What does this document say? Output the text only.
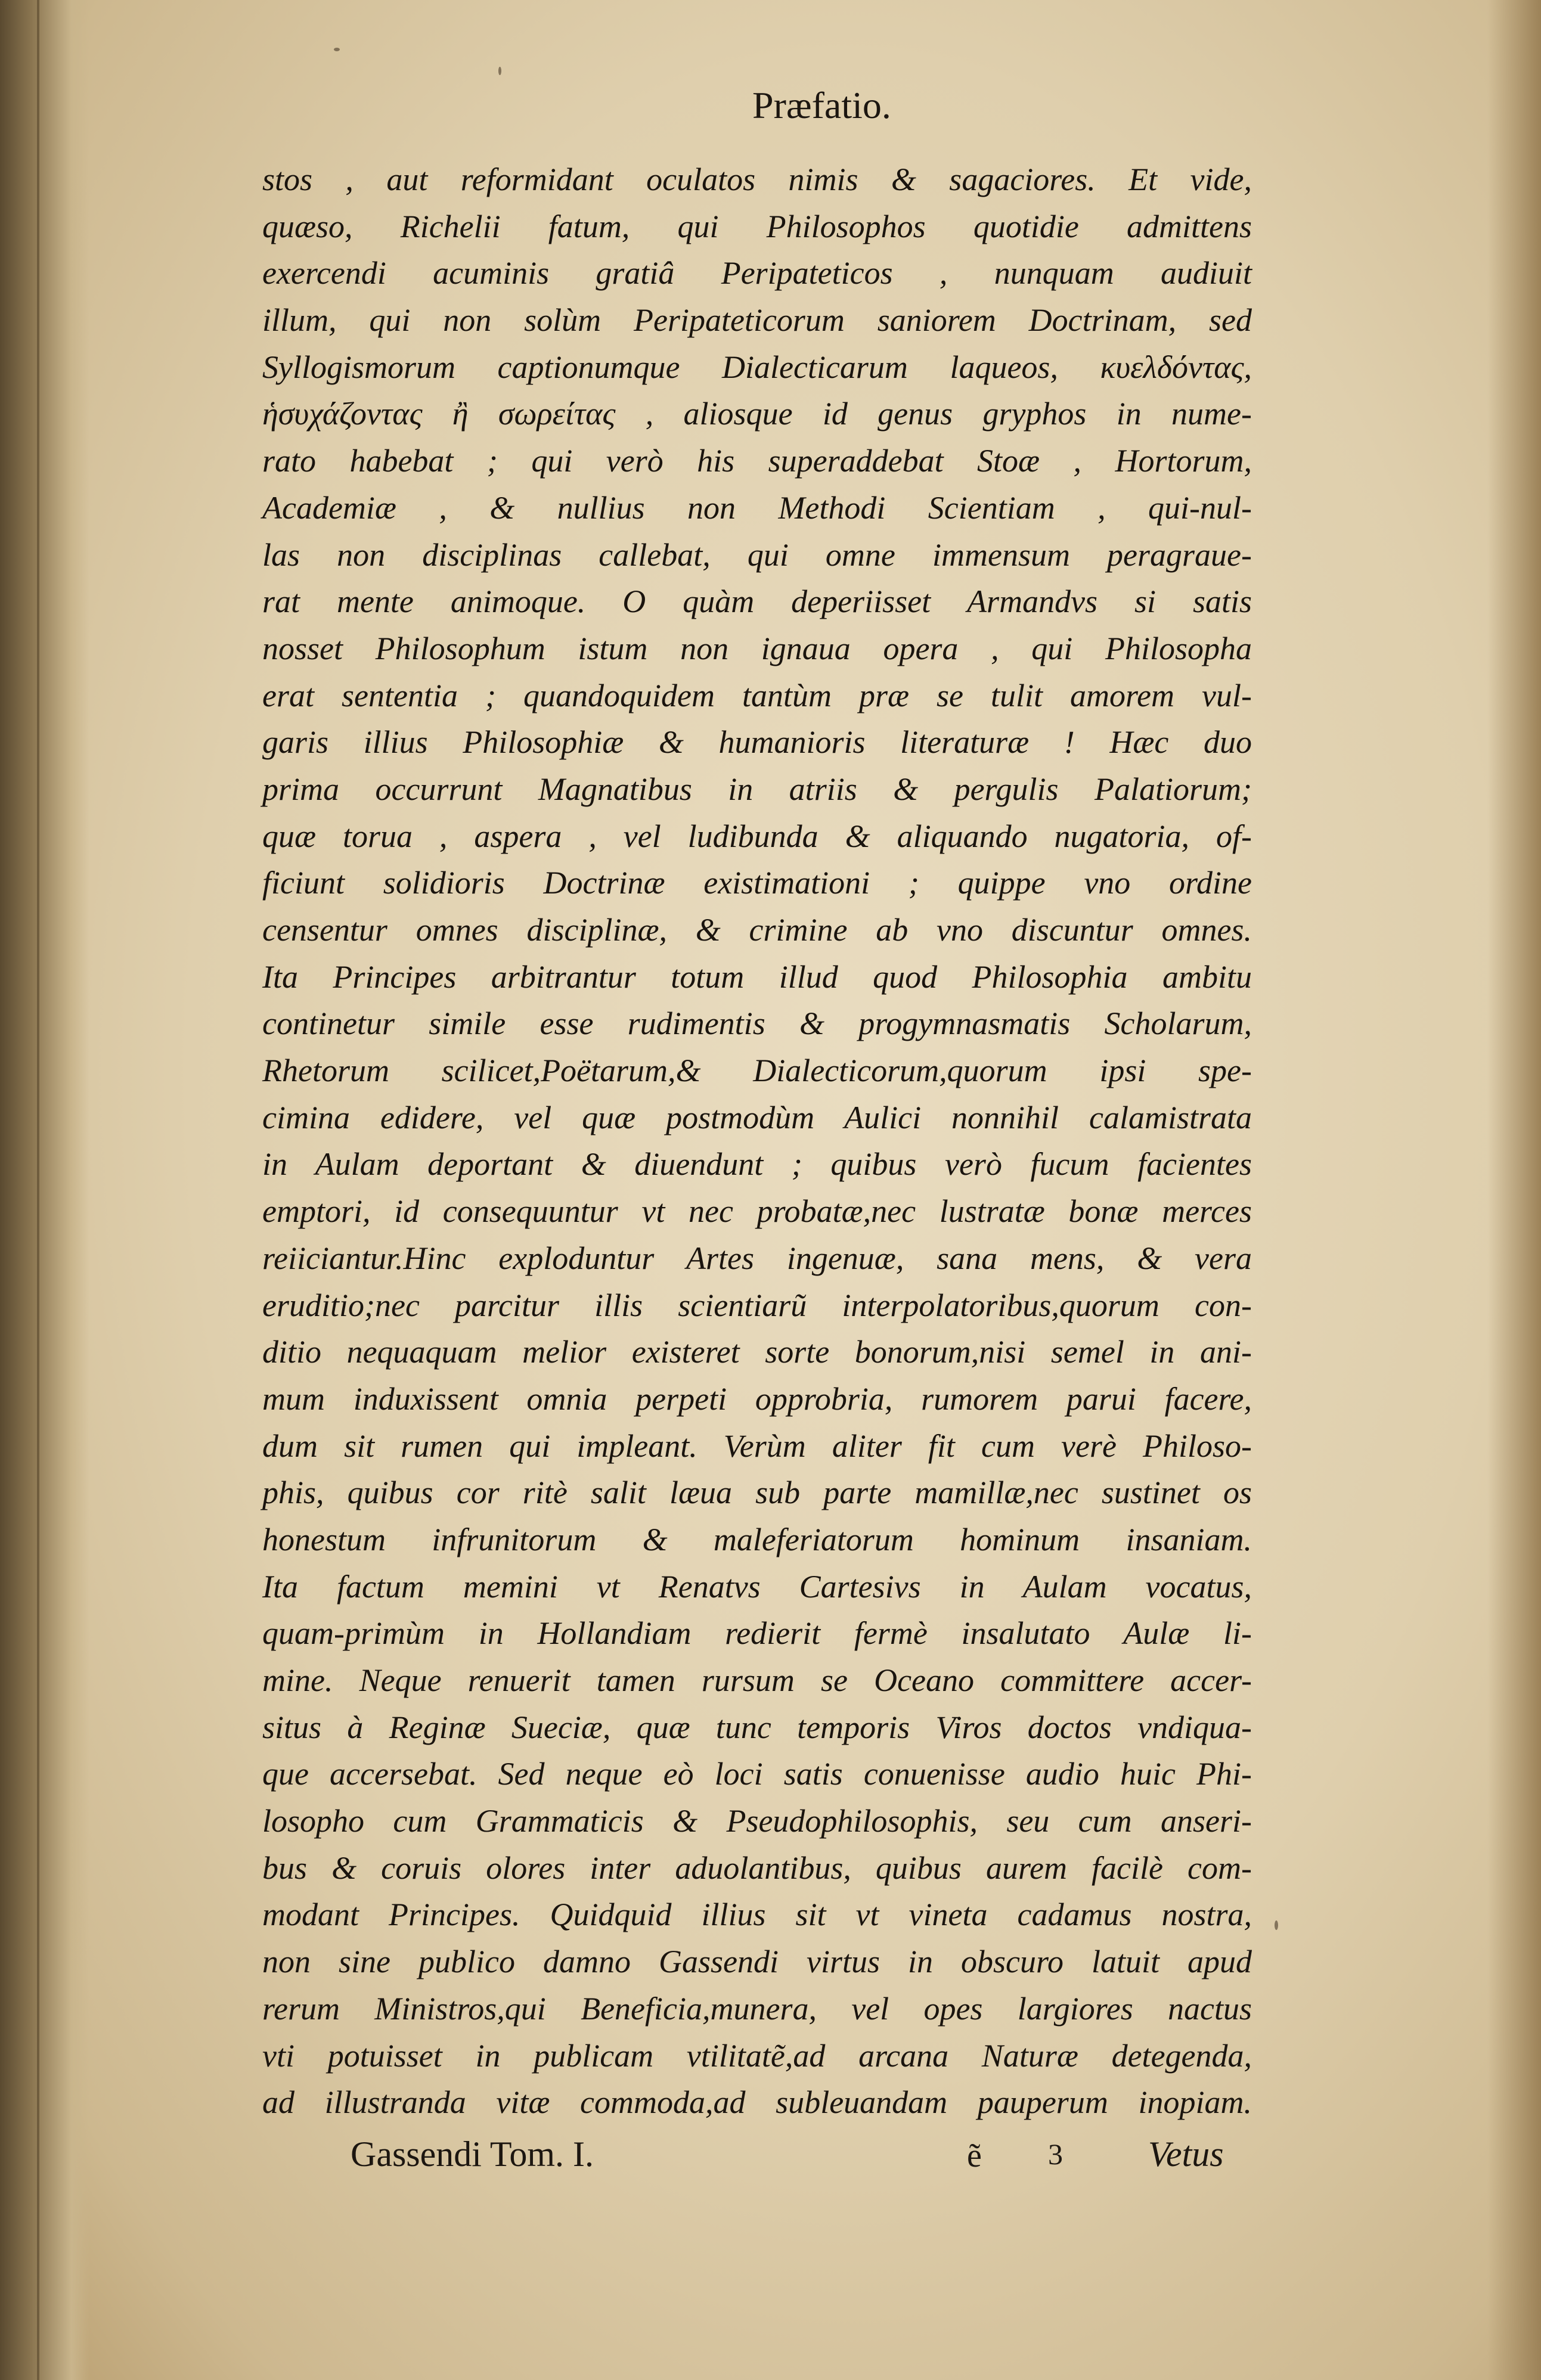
Præfatio.
stos , aut reformidant oculatos nimis & sagaciores. Et vide,
quæso, Richelii fatum, qui Philosophos quotidie admittens
exercendi acuminis gratiâ Peripateticos , nunquam audiuit
illum, qui non solùm Peripateticorum saniorem Doctrinam, sed
Syllogismorum captionumque Dialecticarum laqueos, κυελδόντας,
ἡσυχάζοντας ἢ σωρείτας , aliosque id genus gryphos in nume-
rato habebat ; qui verò his superaddebat Stoæ , Hortorum,
Academiæ , & nullius non Methodi Scientiam , qui-nul-
las non disciplinas callebat, qui omne immensum peragraue-
rat mente animoque. O quàm deperiisset Armandvs si satis
nosset Philosophum istum non ignaua opera , qui Philosopha
erat sententia ; quandoquidem tantùm præ se tulit amorem vul-
garis illius Philosophiæ & humanioris literaturæ ! Hæc duo
prima occurrunt Magnatibus in atriis & pergulis Palatiorum;
quæ torua , aspera , vel ludibunda & aliquando nugatoria, of-
ficiunt solidioris Doctrinæ existimationi ; quippe vno ordine
censentur omnes disciplinæ, & crimine ab vno discuntur omnes.
Ita Principes arbitrantur totum illud quod Philosophia ambitu
continetur simile esse rudimentis & progymnasmatis Scholarum,
Rhetorum scilicet,Poëtarum,& Dialecticorum,quorum ipsi spe-
cimina edidere, vel quæ postmodùm Aulici nonnihil calamistrata
in Aulam deportant & diuendunt ; quibus verò fucum facientes
emptori, id consequuntur vt nec probatæ,nec lustratæ bonæ merces
reiiciantur.Hinc exploduntur Artes ingenuæ, sana mens, & vera
eruditio;nec parcitur illis scientiarũ interpolatoribus,quorum con-
ditio nequaquam melior existeret sorte bonorum,nisi semel in ani-
mum induxissent omnia perpeti opprobria, rumorem parui facere,
dum sit rumen qui impleant. Verùm aliter fit cum verè Philoso-
phis, quibus cor ritè salit læua sub parte mamillæ,nec sustinet os
honestum infrunitorum & maleferiatorum hominum insaniam.
Ita factum memini vt Renatvs Cartesivs in Aulam vocatus,
quam-primùm in Hollandiam redierit fermè insalutato Aulæ li-
mine. Neque renuerit tamen rursum se Oceano committere accer-
situs à Reginæ Sueciæ, quæ tunc temporis Viros doctos vndiqua-
que accersebat. Sed neque eò loci satis conuenisse audio huic Phi-
losopho cum Grammaticis & Pseudophilosophis, seu cum anseri-
bus & coruis olores inter aduolantibus, quibus aurem facilè com-
modant Principes. Quidquid illius sit vt vineta cadamus nostra,
non sine publico damno Gassendi virtus in obscuro latuit apud
rerum Ministros,qui Beneficia,munera, vel opes largiores nactus
vti potuisset in publicam vtilitatẽ,ad arcana Naturæ detegenda,
ad illustranda vitæ commoda,ad subleuandam pauperum inopiam.
Gassendi Tom. I.	ẽ 3 Vetus
